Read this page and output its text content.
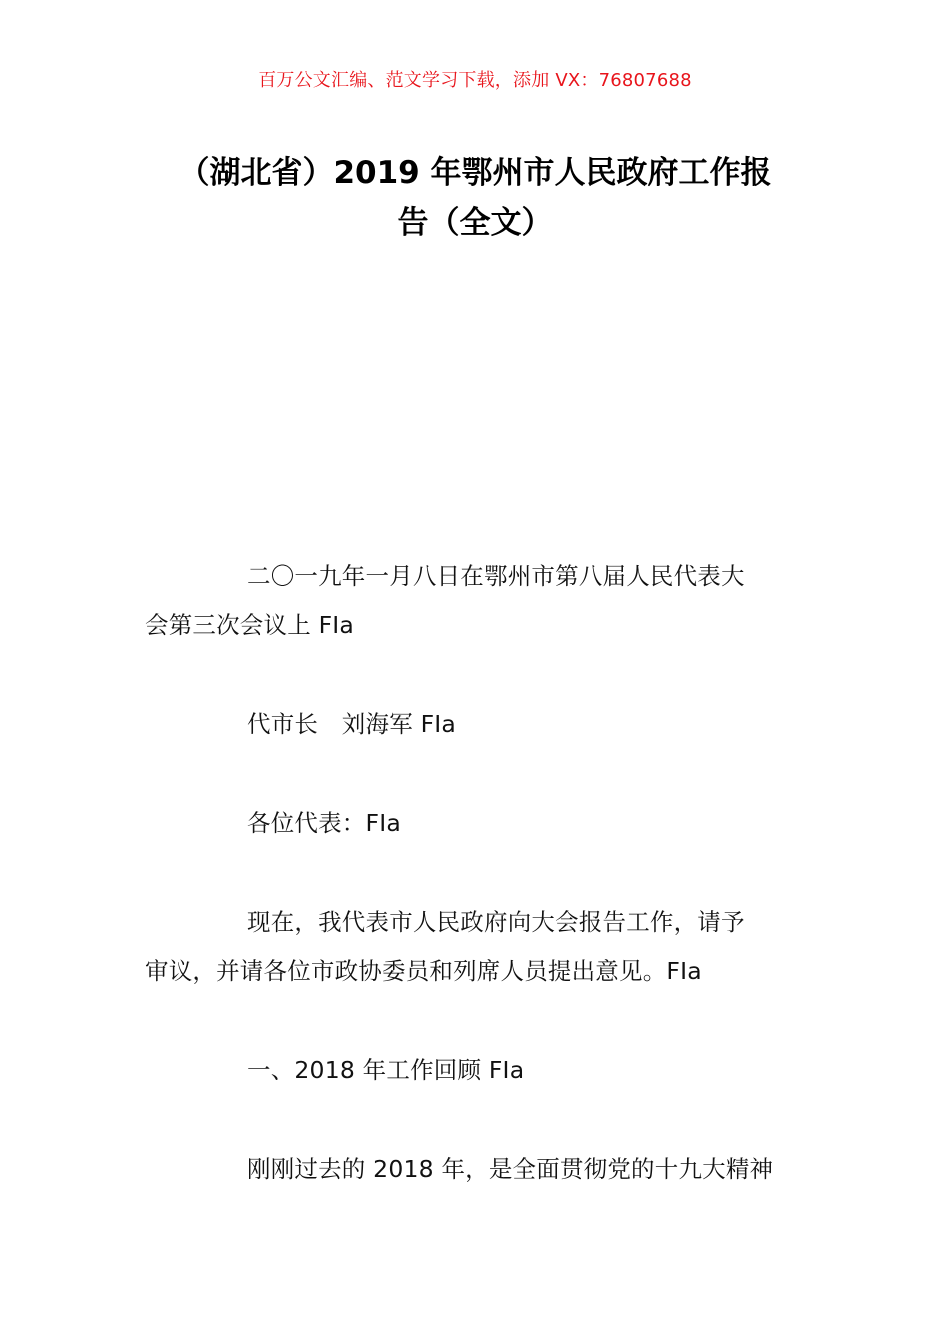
百万公文汇编、范文学习下载，添加 VX：76807688
（湖北省）2019 年鄂州市人民政府工作报
告（全文）

二〇一九年一月八日在鄂州市第八届人民代表大
会第三次会议上 FIa

代市长　刘海军 FIa

各位代表：FIa

现在，我代表市人民政府向大会报告工作，请予
审议，并请各位市政协委员和列席人员提出意见。FIa

一、2018 年工作回顾 FIa

刚刚过去的 2018 年，是全面贯彻党的十九大精神
